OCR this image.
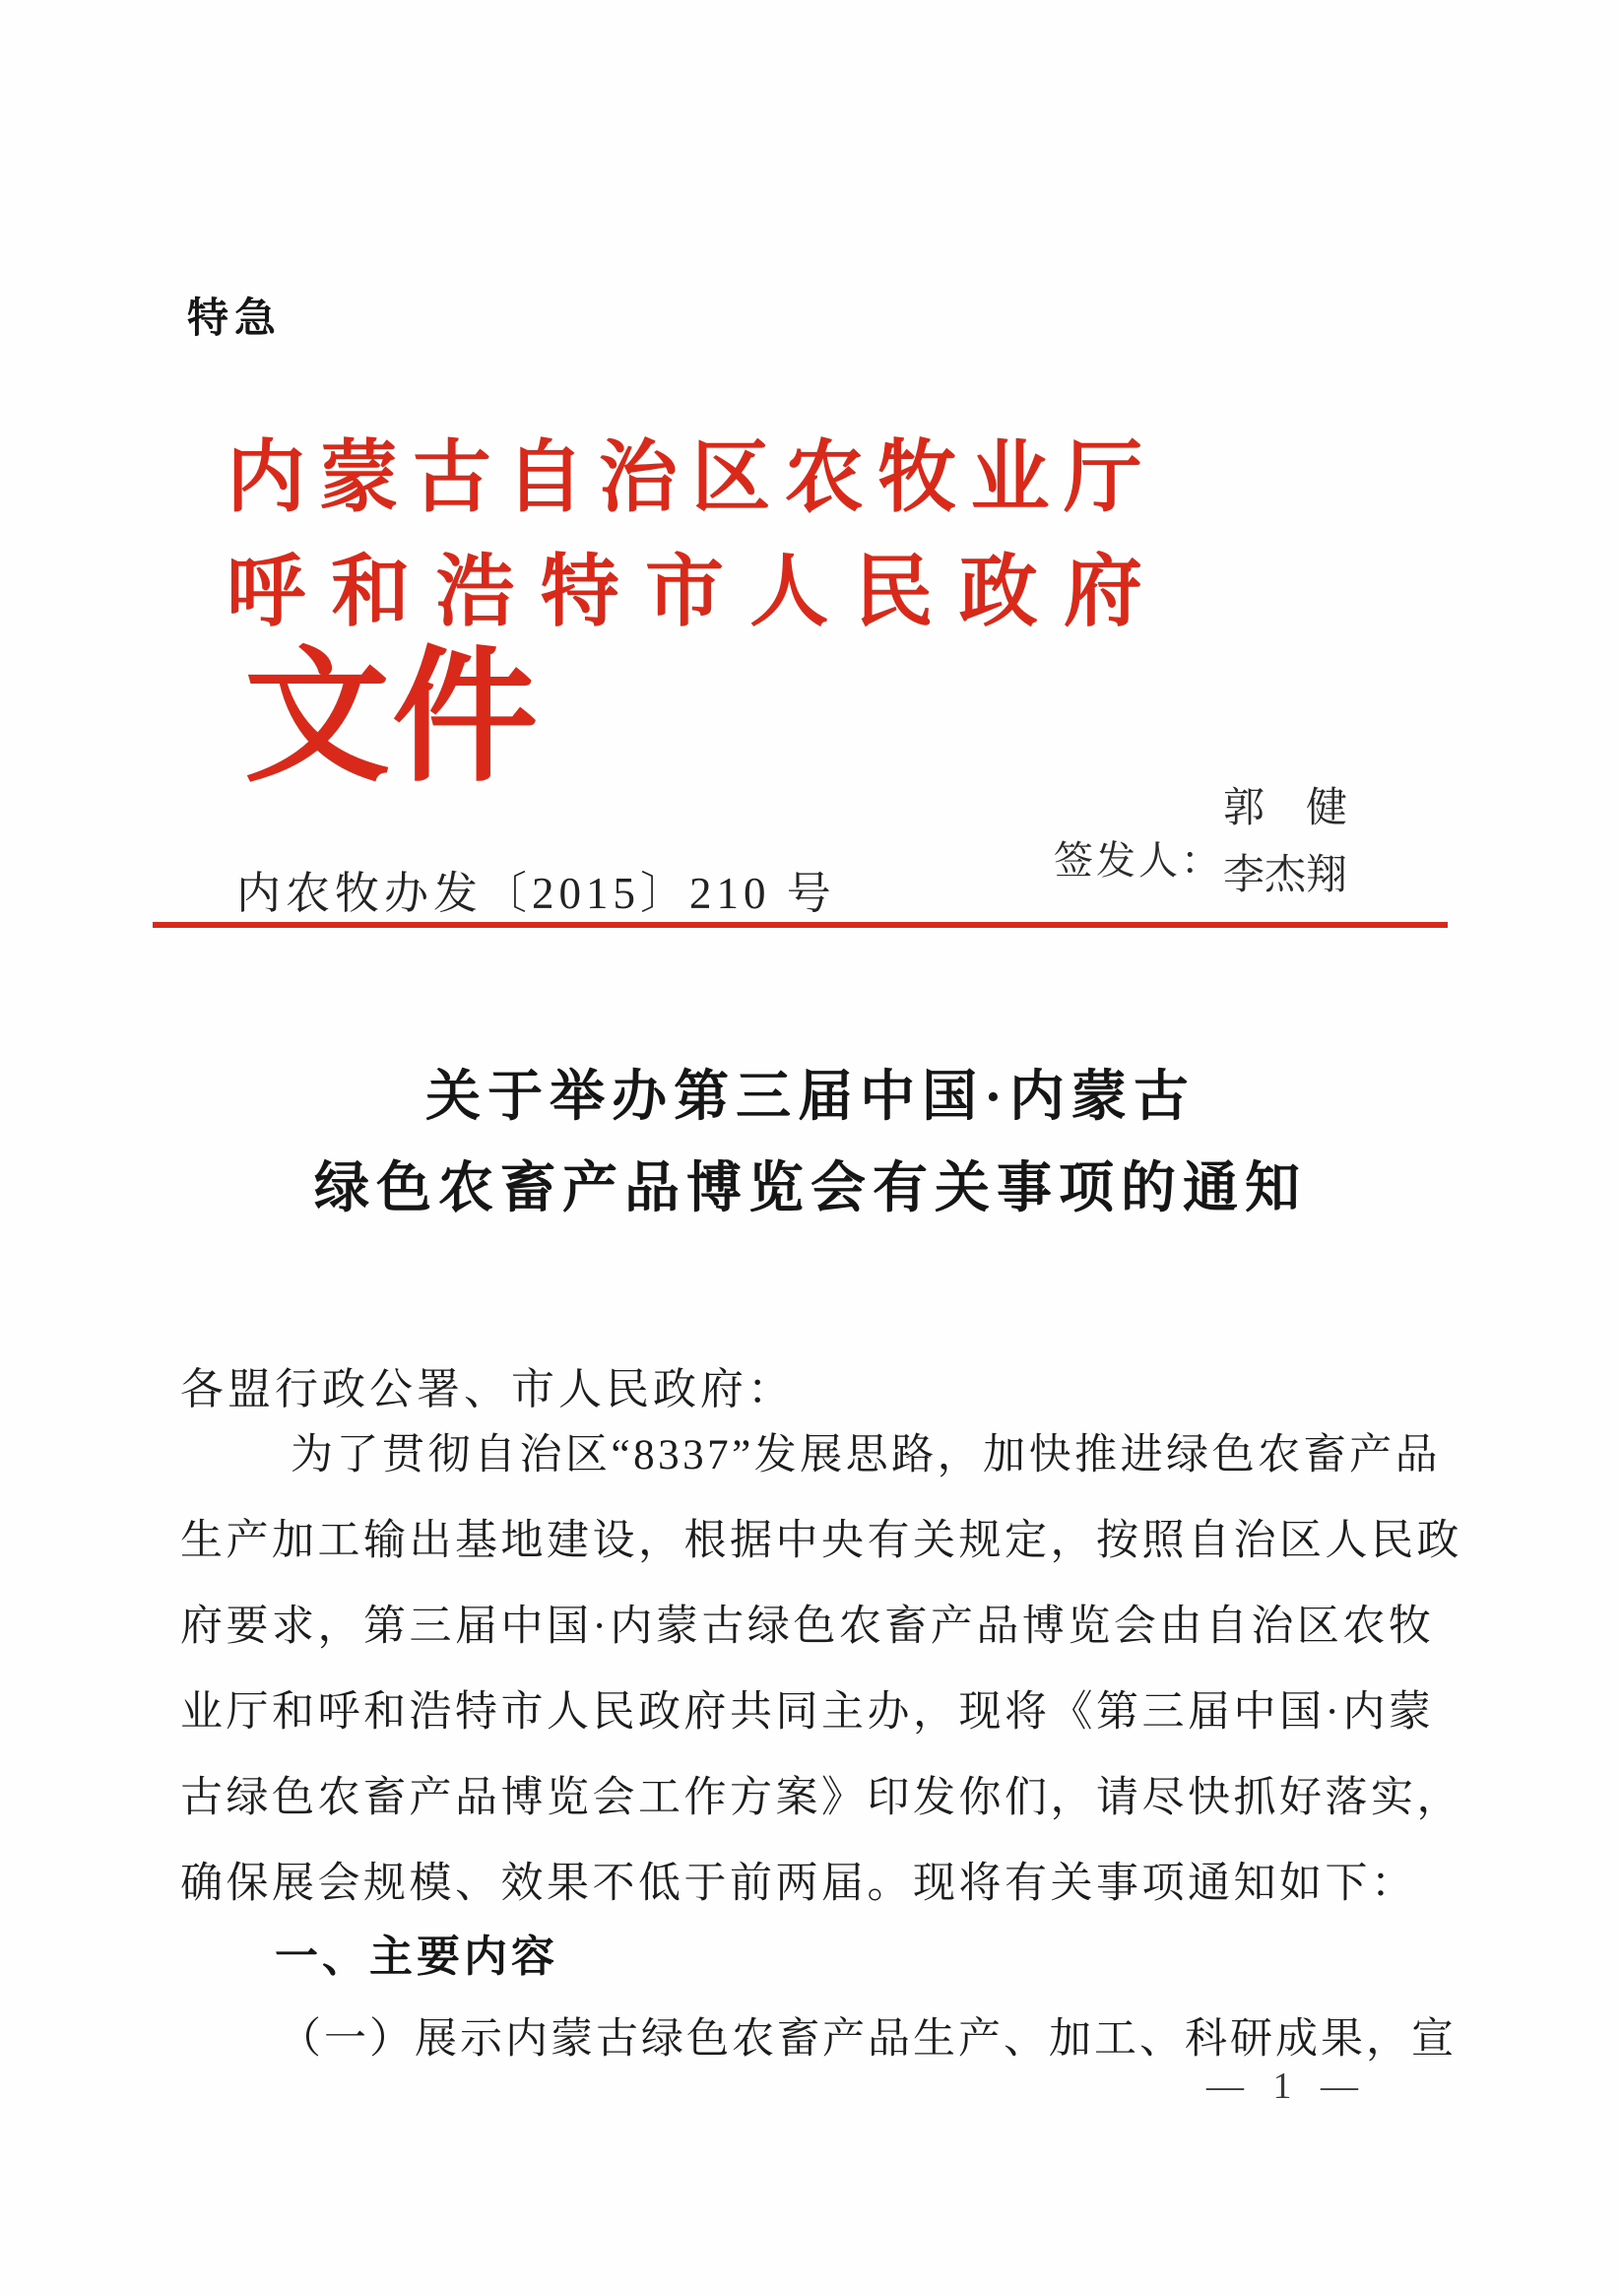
特急
内蒙古自治区农牧业厅
呼和浩特市人民政府
文件
内农牧办发〔2015〕210 号
签发人：
郭　健
李杰翔
关于举办第三届中国·内蒙古
绿色农畜产品博览会有关事项的通知
各盟行政公署、市人民政府：
为了贯彻自治区“8337”发展思路，加快推进绿色农畜产品
生产加工输出基地建设，根据中央有关规定，按照自治区人民政
府要求，第三届中国·内蒙古绿色农畜产品博览会由自治区农牧
业厅和呼和浩特市人民政府共同主办，现将《第三届中国·内蒙
古绿色农畜产品博览会工作方案》印发你们，请尽快抓好落实，
确保展会规模、效果不低于前两届。现将有关事项通知如下：
一、主要内容
（一）展示内蒙古绿色农畜产品生产、加工、科研成果，宣
— 1 —
